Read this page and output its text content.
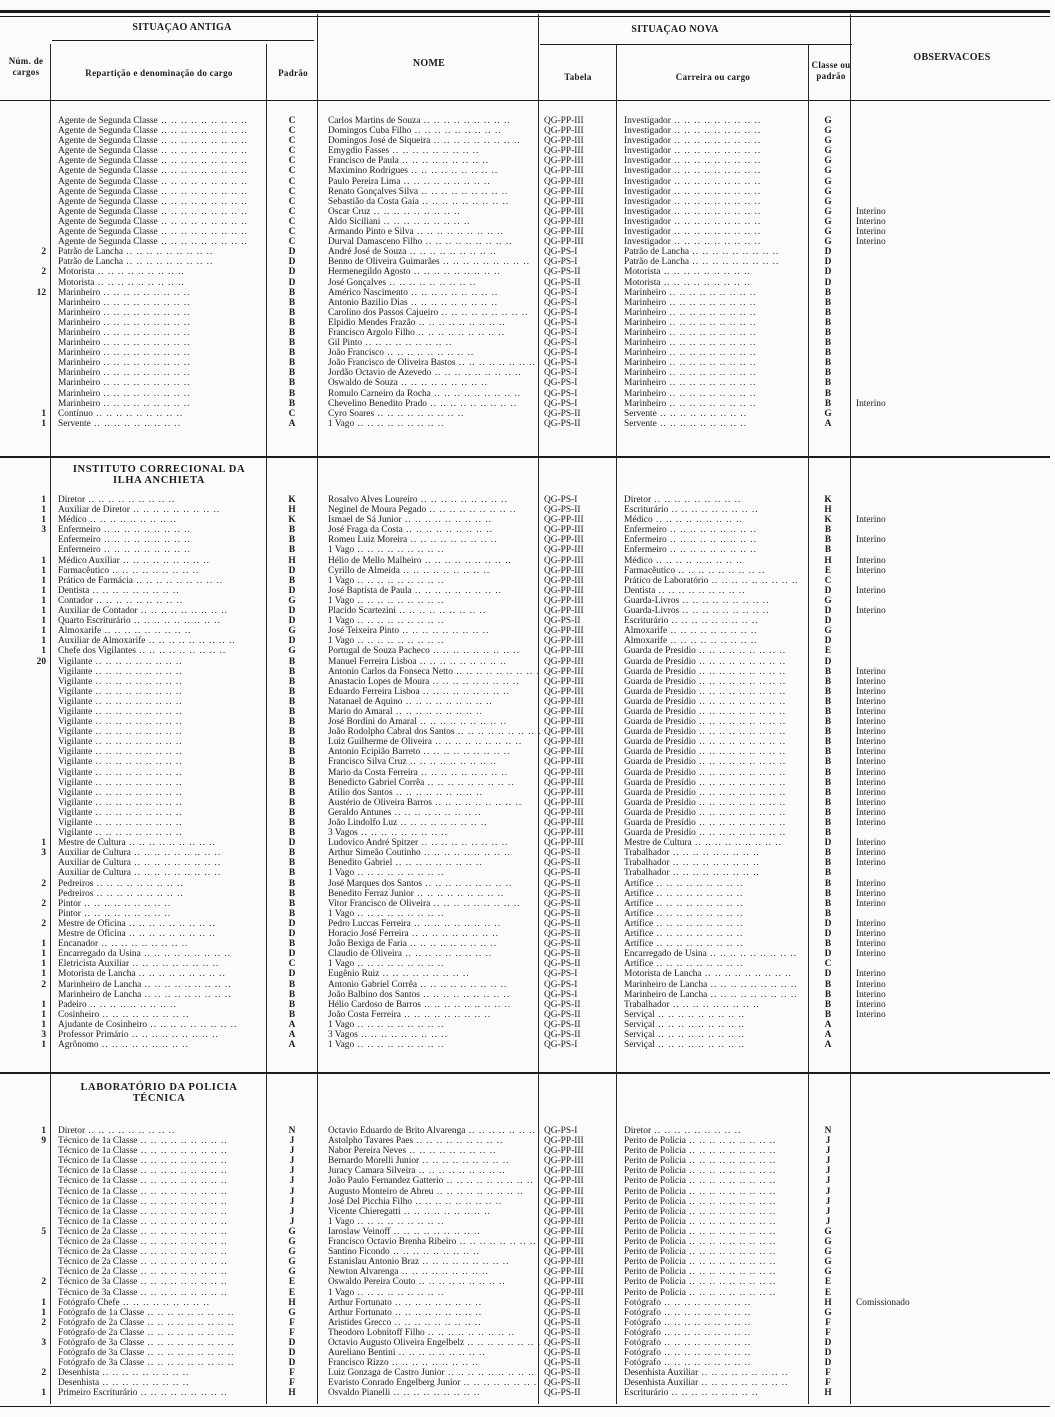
SITUAÇAO ANTIGA	SITUAÇAO NOVA
Núm. de cargos	Repartição e denominação do cargo	Padrão
NOME
Tabela	Carreira ou cargo
Classe ou padrão
OBSERVACOES
INSTITUTO CORRECIONAL DA
ILHA ANCHIETA
LABORATÓRIO DA POLICIA
TÉCNICA
	Agente de Segunda Classe .. ..	C	Carlos Martins de Souza .. ..	QG-PP-III	Investigador .. ..	G	
	Agente de Segunda Classe .. ..	C	Domingos Cuba Filho .. ..	QG-PP-III	Investigador .. ..	G	
	Agente de Segunda Classe .. ..	C	Domingos José de Siqueira .. ..	QG-PP-III	Investigador .. ..	G	
	Agente de Segunda Classe .. ..	C	Emygdio Fasses .. ..	QG-PP-III	Investigador .. ..	G	
	Agente de Segunda Classe .. ..	C	Francisco de Paula .. ..	QG-PP-III	Investigador .. ..	G	
	Agente de Segunda Classe .. ..	C	Maximino Rodrigues .. ..	QG-PP-III	Investigador .. ..	G	
	Agente de Segunda Classe .. ..	C	Paulo Pereira Lima .. ..	QG-PP-III	Investigador .. ..	G	
	Agente de Segunda Classe .. ..	C	Renato Gonçalves Silva .. ..	QG-PP-III	Investigador .. ..	G	
	Agente de Segunda Classe .. ..	C	Sebastião da Costa Gaia .. ..	QG-PP-III	Investigador .. ..	G	
	Agente de Segunda Classe .. ..	C	Oscar Cruz .. ..	QG-PP-III	Investigador .. ..	G	Interino
	Agente de Segunda Classe .. ..	C	Aldo Siciliani .. ..	QG-PP-III	Investigador .. ..	G	Interino
	Agente de Segunda Classe .. ..	C	Armando Pinto e Silva .. ..	QG-PP-III	Investigador .. ..	G	Interino
	Agente de Segunda Classe .. ..	C	Durval Damasceno Filho .. ..	QG-PP-III	Investigador .. ..	G	Interino
2	Patrão de Lancha .. ..	D	André José de Souza .. ..	QG-PS-I	Patrão de Lancha .. ..	D	
	Patrão de Lancha .. ..	D	Benno de Oliveira Guimarães .. ..	QG-PS-I	Patrão de Lancha .. ..	D	
2	Motorista .. ..	D	Hermenegildo Agosto .. ..	QG-PS-II	Motorista .. ..	D	
	Motorista .. ..	D	José Gonçalves .. ..	QG-PS-II	Motorista .. ..	D	
12	Marinheiro .. ..	B	Américo Nascimento .. ..	QG-PS-I	Marinheiro .. ..	B	
	Marinheiro .. ..	B	Antonio Bazilio Dias .. ..	QG-PS-I	Marinheiro .. ..	B	
	Marinheiro .. ..	B	Carolino dos Passos Cajueiro .. ..	QG-PS-I	Marinheiro .. ..	B	
	Marinheiro .. ..	B	Elpidio Mendes Frazão .. ..	QG-PS-I	Marinheiro .. ..	B	
	Marinheiro .. ..	B	Francisco Argolo Filho .. ..	QG-PS-I	Marinheiro .. ..	B	
	Marinheiro .. ..	B	Gil Pinto .. ..	QG-PS-I	Marinheiro .. ..	B	
	Marinheiro .. ..	B	João Francisco .. ..	QG-PS-I	Marinheiro .. ..	B	
	Marinheiro .. ..	B	João Francisco de Oliveira Bastos .. ..	QG-PS-I	Marinheiro .. ..	B	
	Marinheiro .. ..	B	Jordão Octavio de Azevedo .. ..	QG-PS-I	Marinheiro .. ..	B	
	Marinheiro .. ..	B	Oswaldo de Souza .. ..	QG-PS-I	Marinheiro .. ..	B	
	Marinheiro .. ..	B	Romulo Carneiro da Rocha .. ..	QG-PS-I	Marinheiro .. ..	B	
	Marinheiro .. ..	B	Chevelino Benedito Prado .. ..	QG-PS-I	Marinheiro .. ..	B	Interino
1	Contínuo .. ..	C	Cyro Soares .. ..	QG-PS-II	Servente .. ..	G	
1	Servente .. ..	A	1 Vago .. ..	QG-PS-II	Servente .. ..	A	
1	Diretor .. ..	K	Rosalvo Alves Loureiro .. ..	QG-PS-I	Diretor .. ..	K	
1	Auxiliar de Diretor .. ..	H	Neginel de Moura Pegado .. ..	QG-PS-II	Escriturário .. ..	H	
1	Médico .. ..	K	Ismael de Sá Junior .. ..	QG-PP-III	Médico .. ..	K	Interino
3	Enfermeiro .. ..	B	José Fraga da Costa .. ..	QG-PP-III	Enfermeiro .. ..	B	
	Enfermeiro .. ..	B	Romeu Luiz Moreira .. ..	QG-PP-III	Enfermeiro .. ..	B	Interino
	Enfermeiro .. ..	B	1 Vago .. ..	QG-PP-III	Enfermeiro .. ..	B	
1	Médico Auxiliar .. ..	H	Hélio de Mello Malheiro .. ..	QG-PP-III	Médico .. ..	H	Interino
1	Farmacêutico .. ..	D	Cyrillo de Almeida .. ..	QG-PP-III	Farmacêutico .. ..	E	Interino
1	Prático de Farmácia .. ..	B	1 Vago .. ..	QG-PP-III	Prático de Laboratório .. ..	C	
1	Dentista .. ..	D	José Baptista de Paula .. ..	QG-PP-III	Dentista .. ..	D	Interino
1	Contador .. ..	G	1 Vago .. ..	QG-PP-III	Guarda-Livros .. ..	G	
1	Auxiliar de Contador .. ..	D	Placido Scartezini .. ..	QG-PP-III	Guarda-Livros .. ..	D	Interino
1	Quarto Escriturário .. ..	D	1 Vago .. ..	QG-PS-II	Escriturário .. ..	D	
1	Almoxarife .. ..	G	José Teixeira Pinto .. ..	QG-PP-III	Almoxarife .. ..	G	
1	Auxiliar de Almoxarife .. ..	D	1 Vago .. ..	QG-PP-III	Almoxarife .. ..	D	
1	Chefe dos Vigilantes .. ..	G	Portugal de Souza Pacheco .. ..	QG-PP-III	Guarda de Presidio .. ..	E	
20	Vigilante .. ..	B	Manuel Ferreira Lisboa .. ..	QG-PP-III	Guarda de Presidio .. ..	D	
	Vigilante .. ..	B	Antonio Carlos da Fonseca Netto .. ..	QG-PP-III	Guarda de Presidio .. ..	B	Interino
	Vigilante .. ..	B	Anastacio Lopes de Moura .. ..	QG-PP-III	Guarda de Presidio .. ..	B	Interino
	Vigilante .. ..	B	Eduardo Ferreira Lisboa .. ..	QG-PP-III	Guarda de Presidio .. ..	B	Interino
	Vigilante .. ..	B	Natanael de Aquino .. ..	QG-PP-III	Guarda de Presidio .. ..	B	Interino
	Vigilante .. ..	B	Mario do Amaral .. ..	QG-PP-III	Guarda de Presidio .. ..	B	Interino
	Vigilante .. ..	B	José Bordini do Amaral .. ..	QG-PP-III	Guarda de Presidio .. ..	B	Interino
	Vigilante .. ..	B	João Rodolpho Cabral dos Santos .. ..	QG-PP-III	Guarda de Presidio .. ..	B	Interino
	Vigilante .. ..	B	Luiz Guilherme de Oliveira .. ..	QG-PP-III	Guarda de Presidio .. ..	B	Interino
	Vigilante .. ..	B	Antonio Ecipião Barreto .. ..	QG-PP-III	Guarda de Presidio .. ..	B	Interino
	Vigilante .. ..	B	Francisco Silva Cruz .. ..	QG-PP-III	Guarda de Presidio .. ..	B	Interino
	Vigilante .. ..	B	Mario da Costa Ferreira .. ..	QG-PP-III	Guarda de Presidio .. ..	B	Interino
	Vigilante .. ..	B	Benedicto Gabriel Corrêa .. ..	QG-PP-III	Guarda de Presidio .. ..	B	Interino
	Vigilante .. ..	B	Atilio dos Santos .. ..	QG-PP-III	Guarda de Presidio .. ..	B	Interino
	Vigilante .. ..	B	Austério de Oliveira Barros .. ..	QG-PP-III	Guarda de Presidio .. ..	B	Interino
	Vigilante .. ..	B	Geraldo Antunes .. ..	QG-PP-III	Guarda de Presidio .. ..	B	Interino
	Vigilante .. ..	B	João Lindolfo Luz .. ..	QG-PP-III	Guarda de Presidio .. ..	B	Interino
	Vigilante .. ..	B	3 Vagos .. ..	QG-PP-III	Guarda de Presidio .. ..	B	
1	Mestre de Cultura .. ..	D	Ludovico André Spitzer .. ..	QG-PP-III	Mestre de Cultura .. ..	D	Interino
3	Auxiliar de Cultura .. ..	B	Arthur Simeão Coutinho .. ..	QG-PS-II	Trabalhador .. ..	B	Interino
	Auxiliar de Cultura .. ..	B	Benedito Gabriel .. ..	QG-PS-II	Trabalhador .. ..	B	Interino
	Auxiliar de Cultura .. ..	B	1 Vago .. ..	QG-PS-II	Trabalhador .. ..	B	
2	Pedreiros .. ..	B	José Marques dos Santos .. ..	QG-PS-II	Artífice .. ..	B	Interino
	Pedreiros .. ..	B	Benedito Ferraz Junior .. ..	QG-PS-II	Artífice .. ..	B	Interino
2	Pintor .. ..	B	Vitor Francisco de Oliveira .. ..	QG-PS-II	Artífice .. ..	B	Interino
	Pintor .. ..	B	1 Vago .. ..	QG-PS-II	Artífice .. ..	B	
2	Mestre de Oficina .. ..	D	Pedro Luccas Ferreira .. ..	QG-PS-II	Artífice .. ..	D	Interino
	Mestre de Oficina .. ..	D	Horacio José Ferreira .. ..	QG-PS-II	Artífice .. ..	D	Interino
1	Encanador .. ..	B	João Bexiga de Faria .. ..	QG-PS-II	Artífice .. ..	B	Interino
1	Encarregado da Usina .. ..	D	Claudio de Oliveira .. ..	QG-PS-II	Encarregado de Usina .. ..	D	Interino
1	Eletricista Auxiliar .. ..	C	1 Vago .. ..	QG-PS-II	Artífice .. ..	C	
1	Motorista de Lancha .. ..	D	Eugênio Ruiz .. ..	QG-PS-I	Motorista de Lancha .. ..	D	Interino
2	Marinheiro de Lancha .. ..	B	Antonio Gabriel Corrêa .. ..	QG-PS-I	Marinheiro de Lancha .. ..	B	Interino
	Marinheiro de Lancha .. ..	B	João Balbino dos Santos .. ..	QG-PS-I	Marinheiro de Lancha .. ..	B	Interino
1	Padeiro .. ..	B	Hélio Cardoso de Barros .. ..	QG-PS-II	Trabalhador .. ..	B	Interino
1	Cosinheiro .. ..	B	João Costa Ferreira .. ..	QG-PS-II	Serviçal .. ..	B	Interino
1	Ajudante de Cosinheiro .. ..	A	1 Vago .. ..	QG-PS-II	Serviçal .. ..	A	
3	Professor Primário .. ..	A	3 Vagos .. ..	QG-PS-II	Serviçal .. ..	A	
1	Agrônomo .. ..	A	1 Vago .. ..	QG-PS-I	Serviçal .. ..	A	
1	Diretor .. ..	N	Octavio Eduardo de Brito Alvarenga .. ..	QG-PS-I	Diretor .. ..	N	
9	Técnico de 1a Classe .. ..	J	Astolpho Tavares Paes .. ..	QG-PP-III	Perito de Policia .. ..	J	
	Técnico de 1a Classe .. ..	J	Nabor Pereira Neves .. ..	QG-PP-III	Perito de Policia .. ..	J	
	Técnico de 1a Classe .. ..	J	Bernardo Morelli Junior .. ..	QG-PP-III	Perito de Policia .. ..	J	
	Técnico de 1a Classe .. ..	J	Juracy Camara Silveira .. ..	QG-PP-III	Perito de Policia .. ..	J	
	Técnico de 1a Classe .. ..	J	João Paulo Fernandez Gatterio .. ..	QG-PP-III	Perito de Policia .. ..	J	
	Técnico de 1a Classe .. ..	J	Augusto Monteiro de Abreu .. ..	QG-PP-III	Perito de Policia .. ..	J	
	Técnico de 1a Classe .. ..	J	José Del Picchia Filho .. ..	QG-PP-III	Perito de Policia .. ..	J	
	Técnico de 1a Classe .. ..	J	Vicente Chieregatti .. ..	QG-PP-III	Perito de Policia .. ..	J	
	Técnico de 1a Classe .. ..	J	1 Vago .. ..	QG-PP-III	Perito de Policia .. ..	J	
5	Técnico de 2a Classe .. ..	G	Iaroslaw Veinoff .. ..	QG-PP-III	Perito de Policia .. ..	G	
	Técnico de 2a Classe .. ..	G	Francisco Octavio Brenha Ribeiro .. ..	QG-PP-III	Perito de Policia .. ..	G	
	Técnico de 2a Classe .. ..	G	Santino Ficondo .. ..	QG-PP-III	Perito de Policia .. ..	G	
	Técnico de 2a Classe .. ..	G	Estanislau Antonio Braz .. ..	QG-PP-III	Perito de Policia .. ..	G	
	Técnico de 2a Classe .. ..	G	Newton Alvarenga .. ..	QG-PP-III	Perito de Policia .. ..	G	
2	Técnico de 3a Classe .. ..	E	Oswaldo Pereira Couto .. ..	QG-PP-III	Perito de Policia .. ..	E	
	Técnico de 3a Classe .. ..	E	1 Vago .. ..	QG-PP-III	Perito de Policia .. ..	E	
1	Fotógrafo Chefe .. ..	H	Arthur Fortunato .. ..	QG-PS-II	Fotógrafo .. ..	H	Comissionado
1	Fotógrafo de 1a Classe .. ..	G	Arthur Fortunato .. ..	QG-PS-II	Fotógrafo .. ..	G	
2	Fotógrafo de 2a Classe .. ..	F	Aristides Grecco .. ..	QG-PS-II	Fotógrafo .. ..	F	
	Fotógrafo de 2a Classe .. ..	F	Theodoro Lobnitoff Filho .. ..	QG-PS-II	Fotógrafo .. ..	F	
3	Fotógrafo de 3a Classe .. ..	D	Octavio Augusto Oliveira Engelbelz .. ..	QG-PS-II	Fotógrafo .. ..	D	
	Fotógrafo de 3a Classe .. ..	D	Aureliano Bentini .. ..	QG-PS-II	Fotógrafo .. ..	D	
	Fotógrafo de 3a Classe .. ..	D	Francisco Rizzo .. ..	QG-PS-II	Fotógrafo .. ..	D	
2	Desenhista .. ..	F	Luiz Gonzaga de Castro Junior .. ..	QG-PS-II	Desenhista Auxiliar .. ..	F	
	Desenhista .. ..	F	Evaristo Conrado Engelberg Junior .. ..	QG-PS-II	Desenhista Auxiliar .. ..	F	
1	Primeiro Escriturário .. ..	H	Osvaldo Pianelli .. ..	QG-PS-II	Escriturário .. ..	H	
